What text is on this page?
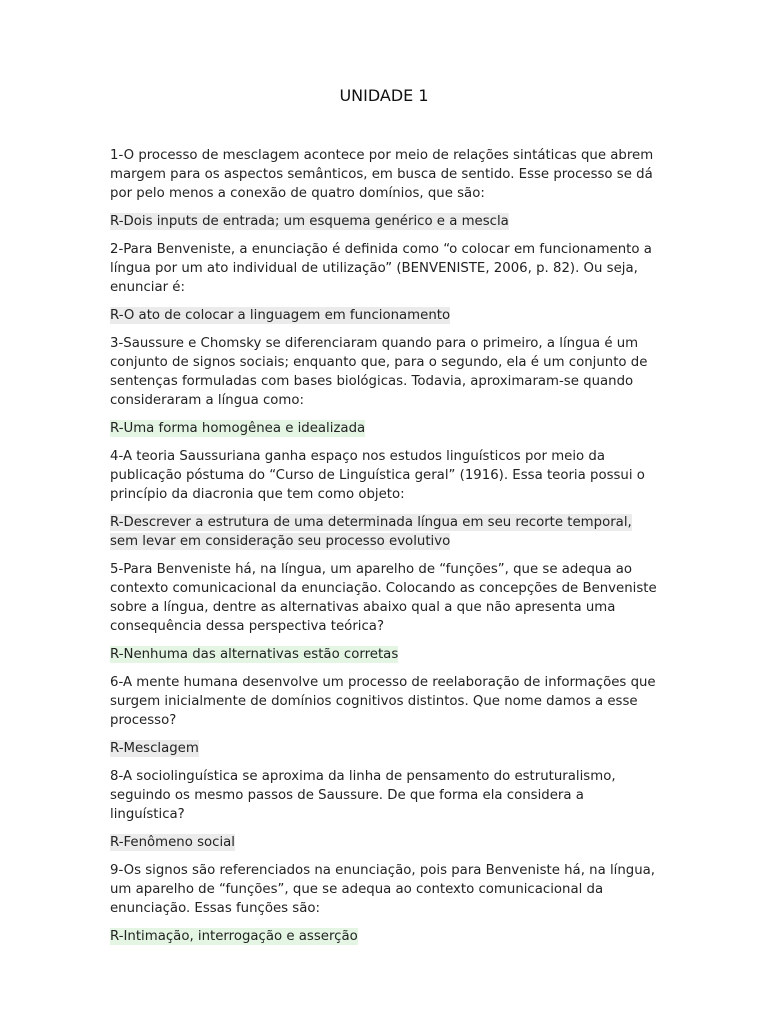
UNIDADE 1

1-O processo de mesclagem acontece por meio de relações sintáticas que abrem margem para os aspectos semânticos, em busca de sentido. Esse processo se dá por pelo menos a conexão de quatro domínios, que são:

R-Dois inputs de entrada; um esquema genérico e a mescla

2-Para Benveniste, a enunciação é definida como “o colocar em funcionamento a língua por um ato individual de utilização” (BENVENISTE, 2006, p. 82). Ou seja, enunciar é:

R-O ato de colocar a linguagem em funcionamento

3-Saussure e Chomsky se diferenciaram quando para o primeiro, a língua é um conjunto de signos sociais; enquanto que, para o segundo, ela é um conjunto de sentenças formuladas com bases biológicas. Todavia, aproximaram-se quando consideraram a língua como:

R-Uma forma homogênea e idealizada

4-A teoria Saussuriana ganha espaço nos estudos linguísticos por meio da publicação póstuma do “Curso de Linguística geral” (1916). Essa teoria possui o princípio da diacronia que tem como objeto:

R-Descrever a estrutura de uma determinada língua em seu recorte temporal, sem levar em consideração seu processo evolutivo

5-Para Benveniste há, na língua, um aparelho de “funções”, que se adequa ao contexto comunicacional da enunciação. Colocando as concepções de Benveniste sobre a língua, dentre as alternativas abaixo qual a que não apresenta uma consequência dessa perspectiva teórica?

R-Nenhuma das alternativas estão corretas

6-A mente humana desenvolve um processo de reelaboração de informações que surgem inicialmente de domínios cognitivos distintos. Que nome damos a esse processo?

R-Mesclagem

8-A sociolinguística se aproxima da linha de pensamento do estruturalismo, seguindo os mesmo passos de Saussure. De que forma ela considera a linguística?

R-Fenômeno social

9-Os signos são referenciados na enunciação, pois para Benveniste há, na língua, um aparelho de “funções”, que se adequa ao contexto comunicacional da enunciação. Essas funções são:

R-Intimação, interrogação e asserção
